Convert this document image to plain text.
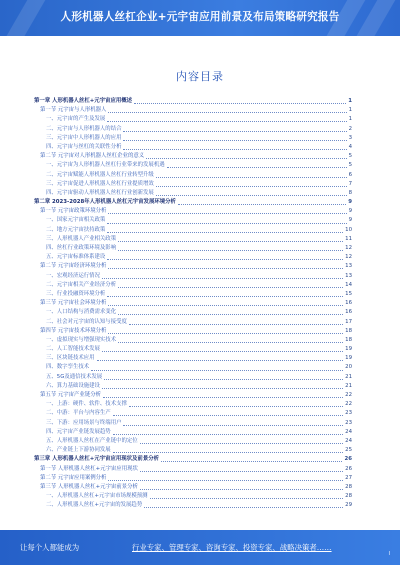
人形机器人丝杠企业+元宇宙应用前景及布局策略研究报告
内容目录
第一章 人形机器人丝杠+元宇宙应用概述	1
第一节 元宇宙与人形机器人	1
一、元宇宙的产生及发展	1
二、元宇宙与人形机器人的结合	2
三、元宇宙中人形机器人的应用	3
四、元宇宙与丝杠的关联性分析	4
第二节 元宇宙对人形机器人丝杠企业的意义	5
一、元宇宙为人形机器人丝杠行业带来的发展机遇	5
二、元宇宙赋能人形机器人丝杠行业转型升级	6
三、元宇宙促进人形机器人丝杠行业提质增效	7
四、元宇宙驱动人形机器人丝杠行业创新发展	8
第二章 2023-2028年人形机器人丝杠元宇宙发展环境分析	9
第一节 元宇宙政策环境分析	9
一、国家元宇宙相关政策	9
二、地方元宇宙扶持政策	10
三、人形机器人产业相关政策	11
四、丝杠行业政策环境及影响	12
五、元宇宙标准体系建设	12
第二节 元宇宙经济环境分析	13
一、宏观经济运行情况	13
二、元宇宙相关产业经济分析	14
三、行业投融资环境分析	15
第三节 元宇宙社会环境分析	16
一、人口结构与消费需求变化	16
二、社会对元宇宙的认知与接受度	17
第四节 元宇宙技术环境分析	18
一、虚拟现实与增强现实技术	18
二、人工智能技术发展	19
三、区块链技术应用	19
四、数字孪生技术	20
五、5G及通信技术发展	21
六、算力基础设施建设	21
第五节 元宇宙产业链分析	22
一、上游：硬件、软件、技术支撑	22
二、中游：平台与内容生产	23
三、下游：应用场景与终端用户	23
四、元宇宙产业链发展趋势	24
五、人形机器人丝杠在产业链中的定位	24
六、产业链上下游协同发展	25
第三章 人形机器人丝杠+元宇宙应用现状及前景分析	26
第一节 人形机器人丝杠+元宇宙应用现状	26
第二节 元宇宙应用案例分析	27
第三节 人形机器人丝杠+元宇宙前景分析	28
一、人形机器人丝杠+元宇宙市场规模预测	28
二、人形机器人丝杠+元宇宙的发展趋势	29
让每个人都能成为	行业专家、管理专家、咨询专家、投资专家、战略决策者……
I
